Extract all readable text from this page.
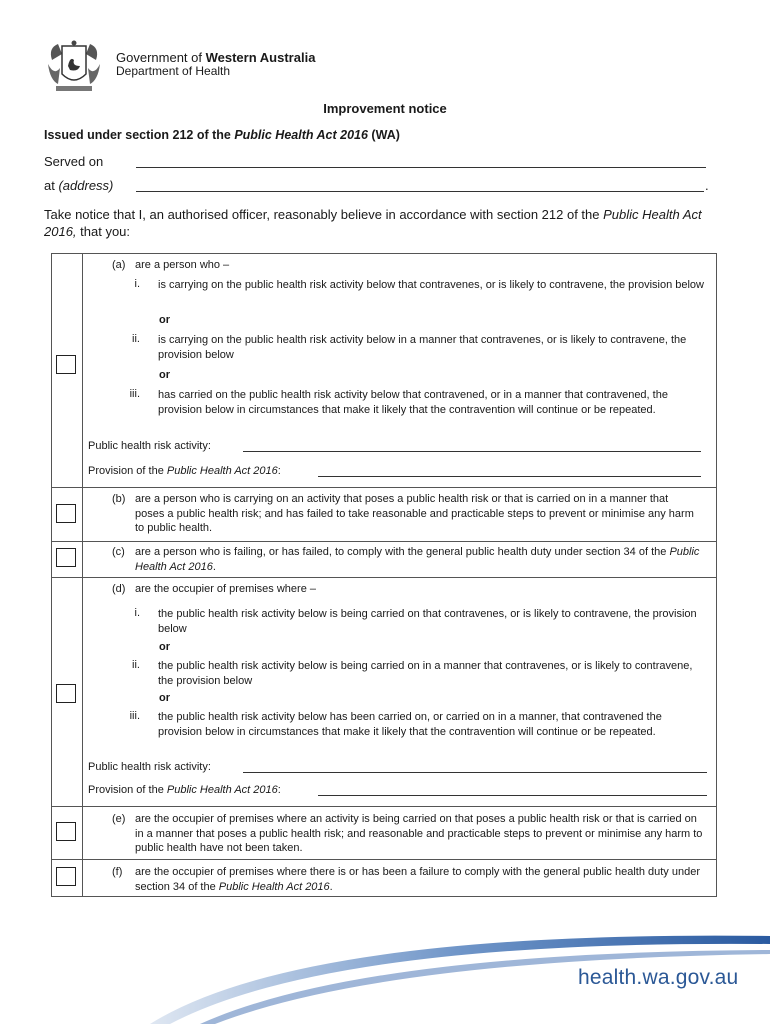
Government of Western Australia
Department of Health
Improvement notice
Issued under section 212 of the Public Health Act 2016 (WA)
Served on
at (address)	.
Take notice that I, an authorised officer, reasonably believe in accordance with section 212 of the Public Health Act 2016, that you:
(a) are a person who –
i. is carrying on the public health risk activity below that contravenes, or is likely to contravene, the provision below
or
ii. is carrying on the public health risk activity below in a manner that contravenes, or is likely to contravene, the provision below
or
iii. has carried on the public health risk activity below that contravened, or in a manner that contravened, the provision below in circumstances that make it likely that the contravention will continue or be repeated.
Public health risk activity:
Provision of the Public Health Act 2016:
(b) are a person who is carrying on an activity that poses a public health risk or that is carried on in a manner that poses a public health risk; and has failed to take reasonable and practicable steps to prevent or minimise any harm to public health.
(c) are a person who is failing, or has failed, to comply with the general public health duty under section 34 of the Public Health Act 2016.
(d) are the occupier of premises where –
i. the public health risk activity below is being carried on that contravenes, or is likely to contravene, the provision below
or
ii. the public health risk activity below is being carried on in a manner that contravenes, or is likely to contravene, the provision below
or
iii. the public health risk activity below has been carried on, or carried on in a manner, that contravened the provision below in circumstances that make it likely that the contravention will continue or be repeated.
Public health risk activity:
Provision of the Public Health Act 2016:
(e) are the occupier of premises where an activity is being carried on that poses a public health risk or that is carried on in a manner that poses a public health risk; and reasonable and practicable steps to prevent or minimise any harm to public health have not been taken.
(f) are the occupier of premises where there is or has been a failure to comply with the general public health duty under section 34 of the Public Health Act 2016.
health.wa.gov.au
